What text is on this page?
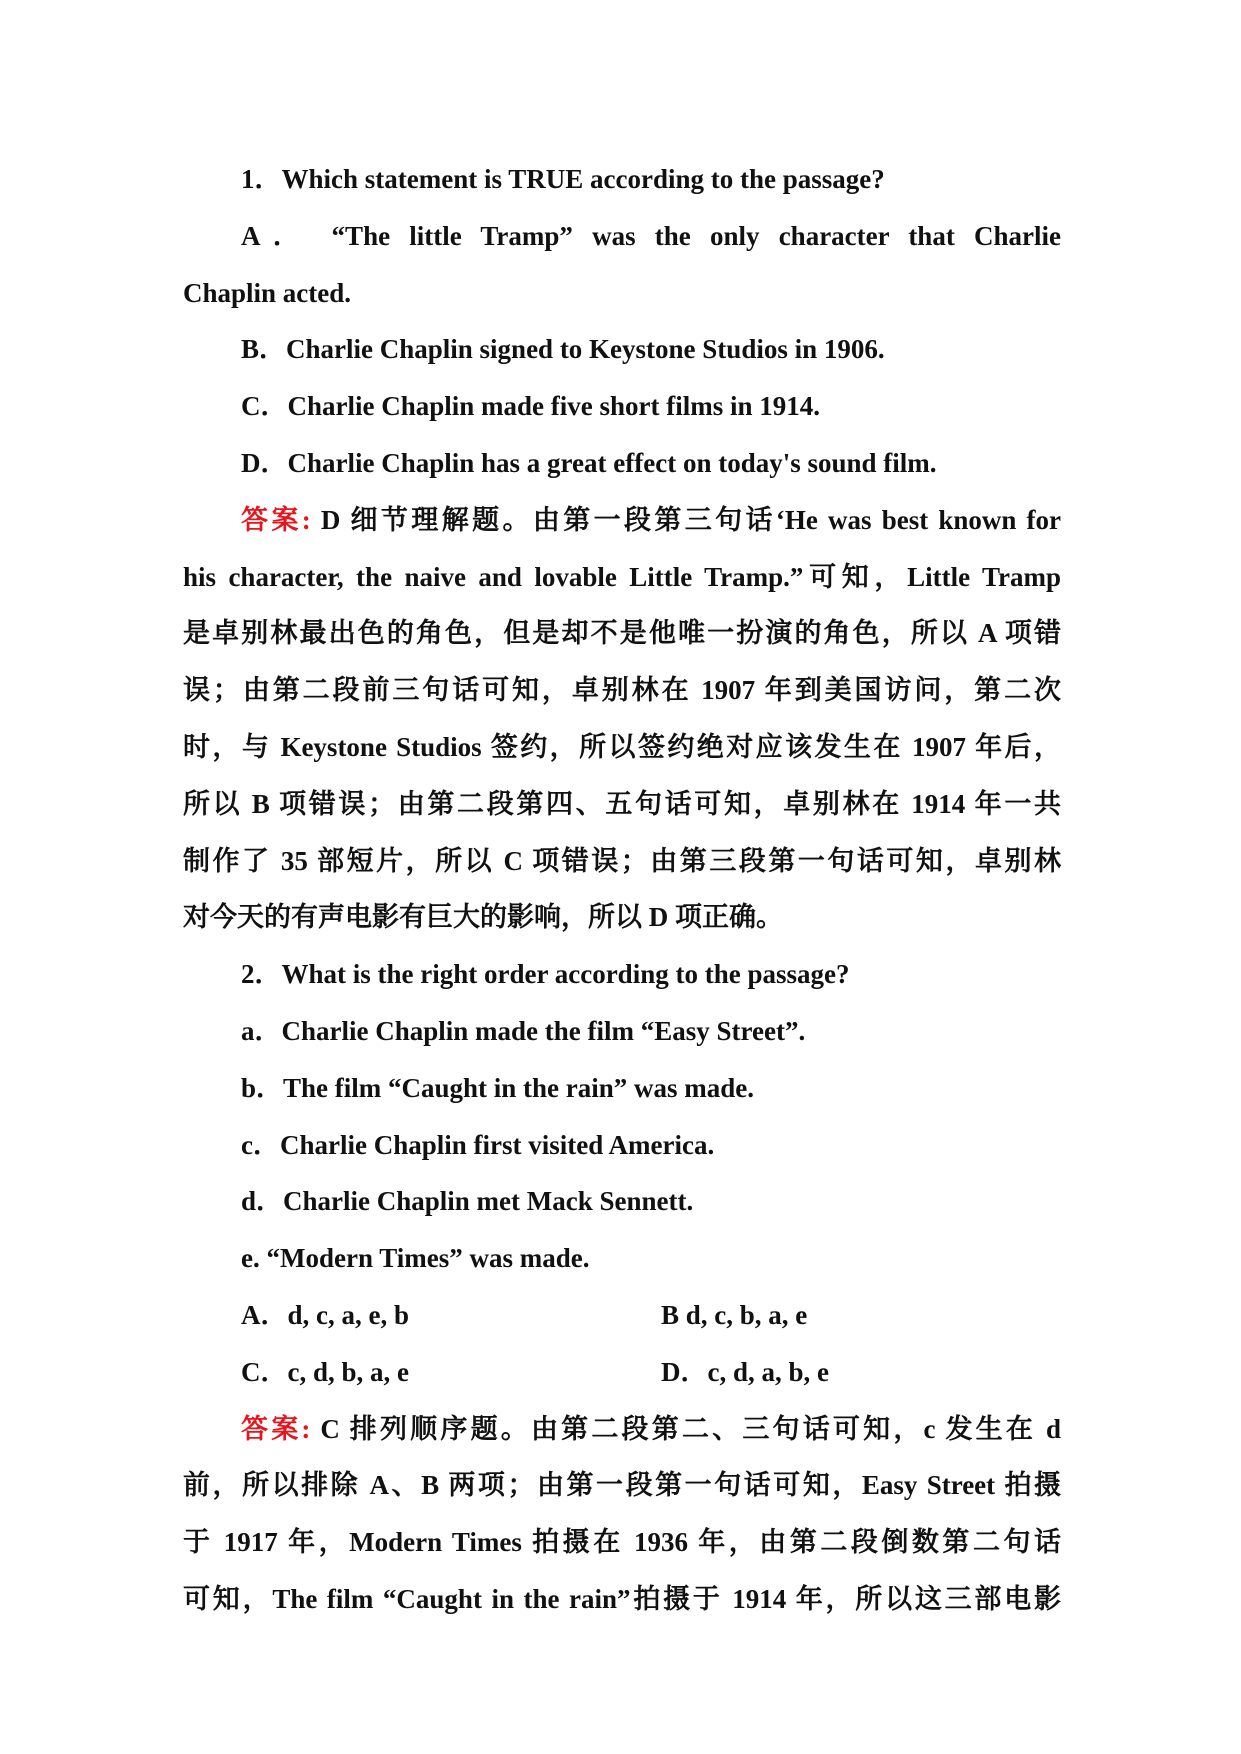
1．Which statement is TRUE according to the passage?
A． “The little Tramp” was the only character that Charlie
Chaplin acted.
B．Charlie Chaplin signed to Keystone Studios in 1906.
C．Charlie Chaplin made five short films in 1914.
D．Charlie Chaplin has a great effect on today's sound film.
答案: D 细节理解题。由第一段第三句话‘He was best known for
his character, the naive and lovable Little Tramp.”可知，Little Tramp
是卓别林最出色的角色，但是却不是他唯一扮演的角色，所以 A 项错
误；由第二段前三句话可知，卓别林在 1907 年到美国访问，第二次
时，与 Keystone Studios 签约，所以签约绝对应该发生在 1907 年后，
所以 B 项错误；由第二段第四、五句话可知，卓别林在 1914 年一共
制作了 35 部短片，所以 C 项错误；由第三段第一句话可知，卓别林
对今天的有声电影有巨大的影响，所以 D 项正确。
2．What is the right order according to the passage?
a．Charlie Chaplin made the film “Easy Street”.
b．The film “Caught in the rain” was made.
c．Charlie Chaplin first visited America.
d．Charlie Chaplin met Mack Sennett.
e. “Modern Times” was made.
A．d, c, a, e, b	B d, c, b, a, e
C．c, d, b, a, e	D．c, d, a, b, e
答案: C 排列顺序题。由第二段第二、三句话可知，c 发生在 d
前，所以排除 A、B 两项；由第一段第一句话可知，Easy Street 拍摄
于 1917 年，Modern Times 拍摄在 1936 年，由第二段倒数第二句话
可知，The film “Caught in the rain”拍摄于 1914 年，所以这三部电影
